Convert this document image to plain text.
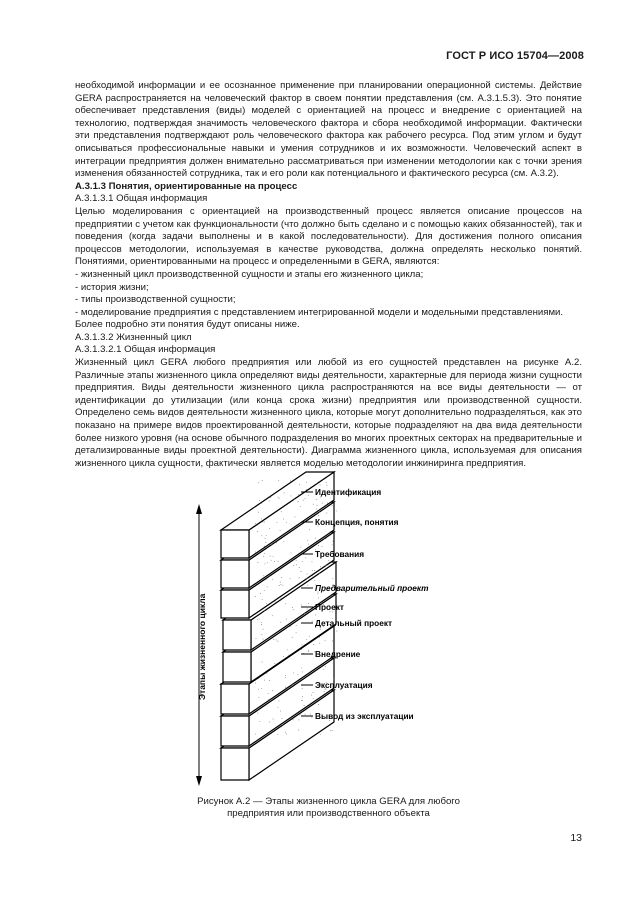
ГОСТ Р ИСО 15704—2008

необходимой информации и ее осознанное применение при планировании операционной системы. Действие GERA распространяется на человеческий фактор в своем понятии представления (см. А.3.1.5.3). Это понятие обеспечивает представления (виды) моделей с ориентацией на процесс и внедрение с ориентацией на технологию, подтверждая значимость человеческого фактора и сбора необходимой информации. Фактически эти представления подтверждают роль человеческого фактора как рабочего ресурса. Под этим углом и будут описываться профессиональные навыки и умения сотрудников и их возможности. Человеческий аспект в интеграции предприятия должен внимательно рассматриваться при изменении методологии как с точки зрения изменения обязанностей сотрудника, так и его роли как потенциального и фактического ресурса (см. А.3.2).

А.3.1.3 Понятия, ориентированные на процесс

А.3.1.3.1 Общая информация

Целью моделирования с ориентацией на производственный процесс является описание процессов на предприятии с учетом как функциональности (что должно быть сделано и с помощью каких обязанностей), так и поведения (когда задачи выполнены и в какой последовательности). Для достижения полного описания процессов методологии, используемая в качестве руководства, должна определять несколько понятий. Понятиями, ориентированными на процесс и определенными в GERA, являются:

- жизненный цикл производственной сущности и этапы его жизненного цикла;

- история жизни;

- типы производственной сущности;

- моделирование предприятия с представлением интегрированной модели и модельными представлениями.

Более подробно эти понятия будут описаны ниже.

А.3.1.3.2 Жизненный цикл

А.3.1.3.2.1 Общая информация

Жизненный цикл GERA любого предприятия или любой из его сущностей представлен на рисунке А.2. Различные этапы жизненного цикла определяют виды деятельности, характерные для периода жизни сущности предприятия. Виды деятельности жизненного цикла распространяются на все виды деятельности — от идентификации до утилизации (или конца срока жизни) предприятия или производственной сущности. Определено семь видов деятельности жизненного цикла, которые могут дополнительно подразделяться, как это показано на примере видов проектированной деятельности, которые подразделяют на два вида деятельности более низкого уровня (на основе обычного подразделения во многих проектных секторах на предварительные и детализированные виды проектной деятельности). Диаграмма жизненного цикла, используемая для описания жизненного цикла сущности, фактически является моделью методологии инжиниринга предприятия.

Этапы жизненного цикла
Идентификация
Концепция, понятия
Требования
Предварительный проект
Проект
Детальный проект
Внедрение
Эксплуатация
Вывод из эксплуатации
Рисунок А.2 — Этапы жизненного цикла GERA для любого
предприятия или производственного объекта
13
